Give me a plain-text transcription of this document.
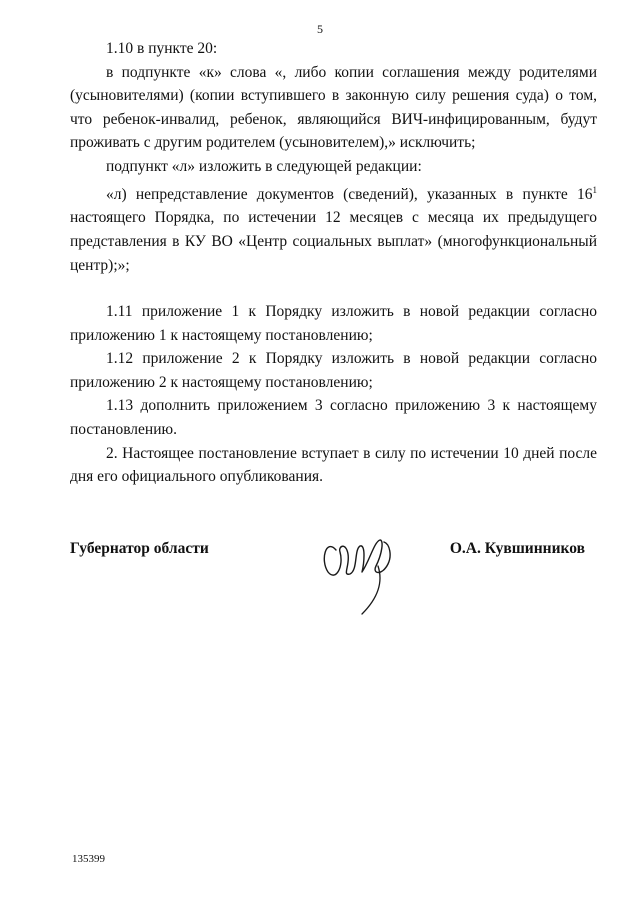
5

1.10 в пункте 20:

в подпункте «к» слова «, либо копии соглашения между родителями (усыновителями) (копии вступившего в законную силу решения суда) о том, что ребенок-инвалид, ребенок, являющийся ВИЧ-инфицированным, будут проживать с другим родителем (усыновителем),» исключить;

подпункт «л» изложить в следующей редакции:

«л) непредставление документов (сведений), указанных в пункте $16^1$ настоящего Порядка, по истечении 12 месяцев с месяца их предыдущего представления в КУ ВО «Центр социальных выплат» (многофункциональный центр);»;

1.11 приложение 1 к Порядку изложить в новой редакции согласно приложению 1 к настоящему постановлению;

1.12 приложение 2 к Порядку изложить в новой редакции согласно приложению 2 к настоящему постановлению;

1.13 дополнить приложением 3 согласно приложению 3 к настоящему постановлению.

2. Настоящее постановление вступает в силу по истечении 10 дней после дня его официального опубликования.

Губернатор области	О.А. Кувшинников
135399
